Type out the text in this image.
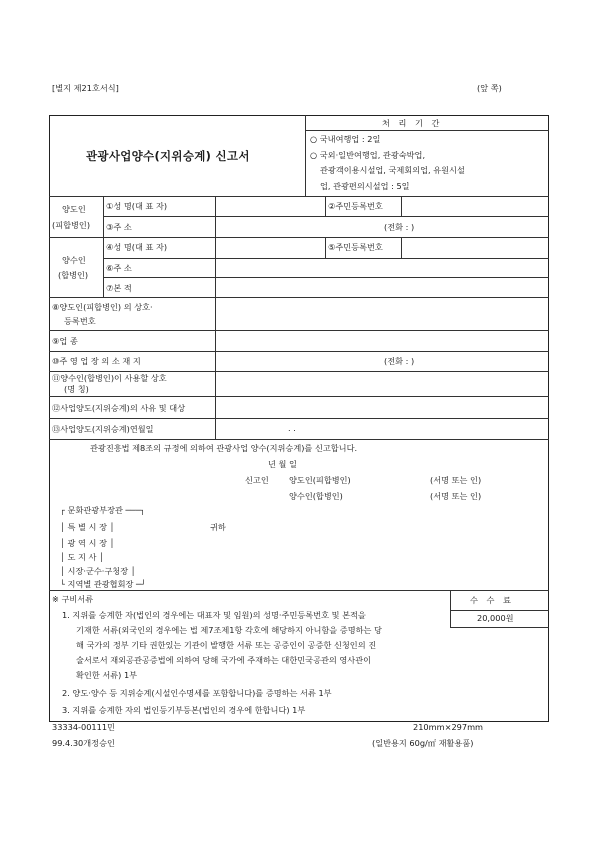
[별지 제21호서식]	(앞 쪽)
관광사업양수(지위승계) 신고서
처 리 기 간
○ 국내여행업 : 2일
○ 국외·일반여행업, 관광숙박업,
관광객이용시설업, 국제회의업, 유원시설
업, 관광편의시설업 : 5일
양도인
(피합병인)
①성 명(대 표 자)	②주민등록번호
③주 소	(전화 : )
양수인
(합병인)
④성 명(대 표 자)	⑤주민등록번호
⑥주 소
⑦본 적
⑧양도인(피합병인) 의 상호·
등록번호
⑨업 종
⑩주 영 업 장 의 소 재 지	(전화 : )
⑪양수인(합병인)이 사용할 상호
(명 칭)
⑫사업양도(지위승계)의 사유 및 대상
⑬사업양도(지위승계)연월일	. .
관광진흥법 제8조의 규정에 의하여 관광사업 양수(지위승계)를 신고합니다.
년 월 일
신고인 양도인(피합병인)	(서명 또는 인)
양수인(합병인)	(서명 또는 인)
┌ 문화관광부장관 ───┐
│ 특 별 시 장 │	귀하
│ 광 역 시 장 │
│ 도 지 사 │
│ 시장·군수·구청장 │
└ 지역별 관광협회장 ─┘
※ 구비서류
1. 지위를 승계한 자(법인의 경우에는 대표자 및 임원)의 성명·주민등록번호 및 본적을
기재한 서류(외국인의 경우에는 법 제7조제1항 각호에 해당하지 아니함을 증명하는 당
해 국가의 정부 기타 권한있는 기관이 발행한 서류 또는 공증인이 공증한 신청인의 진
술서로서 재외공관공증법에 의하여 당해 국가에 주재하는 대한민국공관의 영사관이
확인한 서류) 1부
2. 양도·양수 등 지위승계(시설인수명세를 포함합니다)를 증명하는 서류 1부
3. 지위를 승계한 자의 법인등기부등본(법인의 경우에 한합니다) 1부
수 수 료
20,000원
33334-00111민
99.4.30개정승인
210mm×297mm
(일반용지 60g/㎡ 재활용품)
